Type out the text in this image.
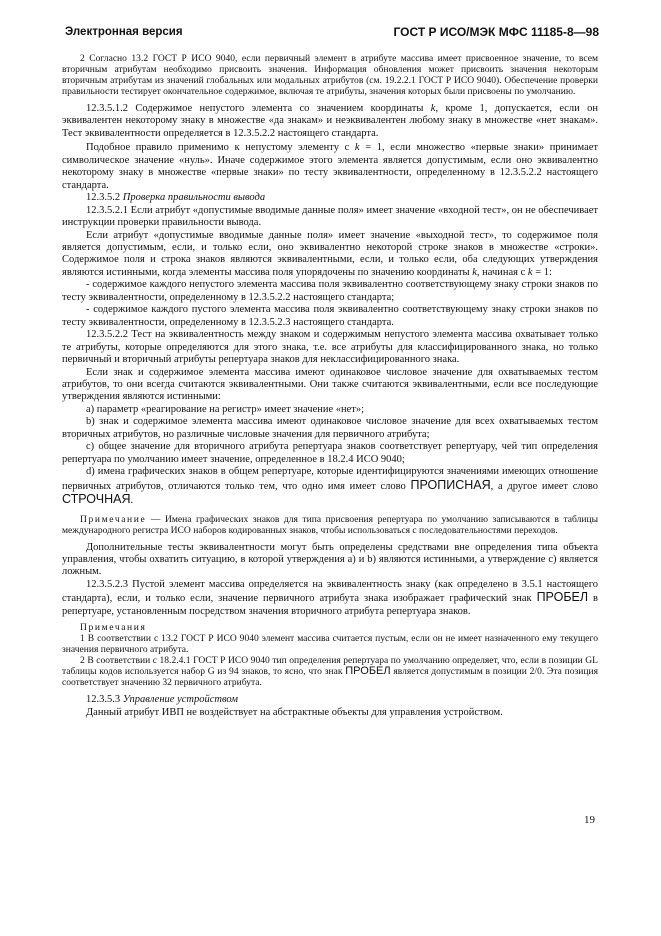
Электронная версия	ГОСТ Р ИСО/МЭК МФС 11185-8—98

2 Согласно 13.2 ГОСТ Р ИСО 9040, если первичный элемент в атрибуте массива имеет присвоенное значение, то всем вторичным атрибутам необходимо присвоить значения. Информация обновления может присвоить значения некоторым вторичным атрибутам из значений глобальных или модальных атрибутов (см. 19.2.2.1 ГОСТ Р ИСО 9040). Обеспечение проверки правильности тестирует окончательное содержимое, включая те атрибуты, значения которых были присвоены по умолчанию.

12.3.5.1.2 Содержимое непустого элемента со значением координаты k, кроме 1, допускается, если он эквивалентен некоторому знаку в множестве «да знакам» и неэквивалентен любому знаку в множестве «нет знакам». Тест эквивалентности определяется в 12.3.5.2.2 настоящего стандарта.

Подобное правило применимо к непустому элементу с k = 1, если множество «первые знаки» принимает символическое значение «нуль». Иначе содержимое этого элемента является допустимым, если оно эквивалентно некоторому знаку в множестве «первые знаки» по тесту эквивалентности, определенному в 12.3.5.2.2 настоящего стандарта.

12.3.5.2 Проверка правильности вывода

12.3.5.2.1 Если атрибут «допустимые вводимые данные поля» имеет значение «входной тест», он не обеспечивает инструкции проверки правильности вывода.

Если атрибут «допустимые вводимые данные поля» имеет значение «выходной тест», то содержимое поля является допустимым, если, и только если, оно эквивалентно некоторой строке знаков в множестве «строки». Содержимое поля и строка знаков являются эквивалентными, если, и только если, оба следующих утверждения являются истинными, когда элементы массива поля упорядочены по значению координаты k, начиная с k = 1:

- содержимое каждого непустого элемента массива поля эквивалентно соответствующему знаку строки знаков по тесту эквивалентности, определенному в 12.3.5.2.2 настоящего стандарта;

- содержимое каждого пустого элемента массива поля эквивалентно соответствующему знаку строки знаков по тесту эквивалентности, определенному в 12.3.5.2.3 настоящего стандарта.

12.3.5.2.2 Тест на эквивалентность между знаком и содержимым непустого элемента массива охватывает только те атрибуты, которые определяются для этого знака, т.е. все атрибуты для классифицированного знака, но только первичный и вторичный атрибуты репертуара знаков для неклассифицированного знака.

Если знак и содержимое элемента массива имеют одинаковое числовое значение для охватываемых тестом атрибутов, то они всегда считаются эквивалентными. Они также считаются эквивалентными, если все последующие утверждения являются истинными:

a) параметр «реагирование на регистр» имеет значение «нет»;

b) знак и содержимое элемента массива имеют одинаковое числовое значение для всех охватываемых тестом вторичных атрибутов, но различные числовые значения для первичного атрибута;

c) общее значение для вторичного атрибута репертуара знаков соответствует репертуару, чей тип определения репертуара по умолчанию имеет значение, определенное в 18.2.4 ИСО 9040;

d) имена графических знаков в общем репертуаре, которые идентифицируются значениями имеющих отношение первичных атрибутов, отличаются только тем, что одно имя имеет слово ПРОПИСНАЯ, а другое имеет слово СТРОЧНАЯ.

Примечание — Имена графических знаков для типа присвоения репертуара по умолчанию записываются в таблицы международного регистра ИСО наборов кодированных знаков, чтобы использоваться с последовательностями переходов.

Дополнительные тесты эквивалентности могут быть определены средствами вне определения типа объекта управления, чтобы охватить ситуацию, в которой утверждения a) и b) являются истинными, а утверждение c) является ложным.

12.3.5.2.3 Пустой элемент массива определяется на эквивалентность знаку (как определено в 3.5.1 настоящего стандарта), если, и только если, значение первичного атрибута знака изображает графический знак ПРОБЕЛ в репертуаре, установленным посредством значения вторичного атрибута репертуара знаков.

Примечания

1 В соответствии с 13.2 ГОСТ Р ИСО 9040 элемент массива считается пустым, если он не имеет назначенного ему текущего значения первичного атрибута.

2 В соответствии с 18.2.4.1 ГОСТ Р ИСО 9040 тип определения репертуара по умолчанию определяет, что, если в позиции GL таблицы кодов используется набор G из 94 знаков, то ясно, что знак ПРОБЕЛ является допустимым в позиции 2/0. Эта позиция соответствует значению 32 первичного атрибута.

12.3.5.3 Управление устройством

Данный атрибут ИВП не воздействует на абстрактные объекты для управления устройством.

19
